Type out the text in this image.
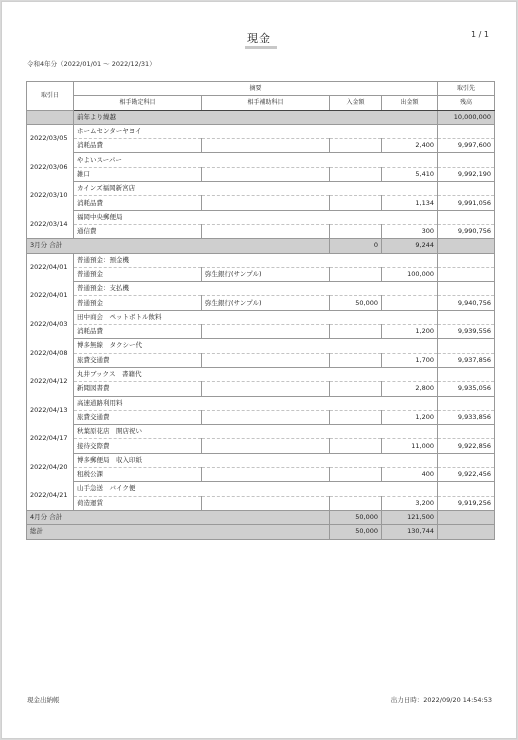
現金	1 / 1
令和4年分（2022/01/01 ～ 2022/12/31）
取引日	摘要				取引先
	相手勘定科目	相手補助科目	入金額	出金額	残高
	前年より繰越				10,000,000
2022/03/05	ホームセンターヤヨイ				
	消耗品費			2,400	9,997,600
2022/03/06	やよいスーパー				
	雑口			5,410	9,992,190
2022/03/10	カインズ福岡新宮店				
	消耗品費			1,134	9,991,056
2022/03/14	福岡中央郵便局				
	通信費			300	9,990,756
3月分 合計			0	9,244	
2022/04/01	普通預金：預金機				
	普通預金	弥生銀行(サンプル)		100,000	
2022/04/01	普通預金：支払機				
	普通預金	弥生銀行(サンプル)	50,000		9,940,756
2022/04/03	田中商会　ペットボトル飲料				
	消耗品費			1,200	9,939,556
2022/04/08	博多無線　タクシー代				
	旅費交通費			1,700	9,937,856
2022/04/12	丸井ブックス　書籍代				
	新聞図書費			2,800	9,935,056
2022/04/13	高速道路利用料				
	旅費交通費			1,200	9,933,856
2022/04/17	秋葉原花店　開店祝い				
	接待交際費			11,000	9,922,856
2022/04/20	博多郵便局　収入印紙				
	租税公課			400	9,922,456
2022/04/21	山手急送　バイク便				
	荷造運賃			3,200	9,919,256
4月分 合計			50,000	121,500	
総計			50,000	130,744	
現金出納帳	出力日時：2022/09/20 14:54:53
